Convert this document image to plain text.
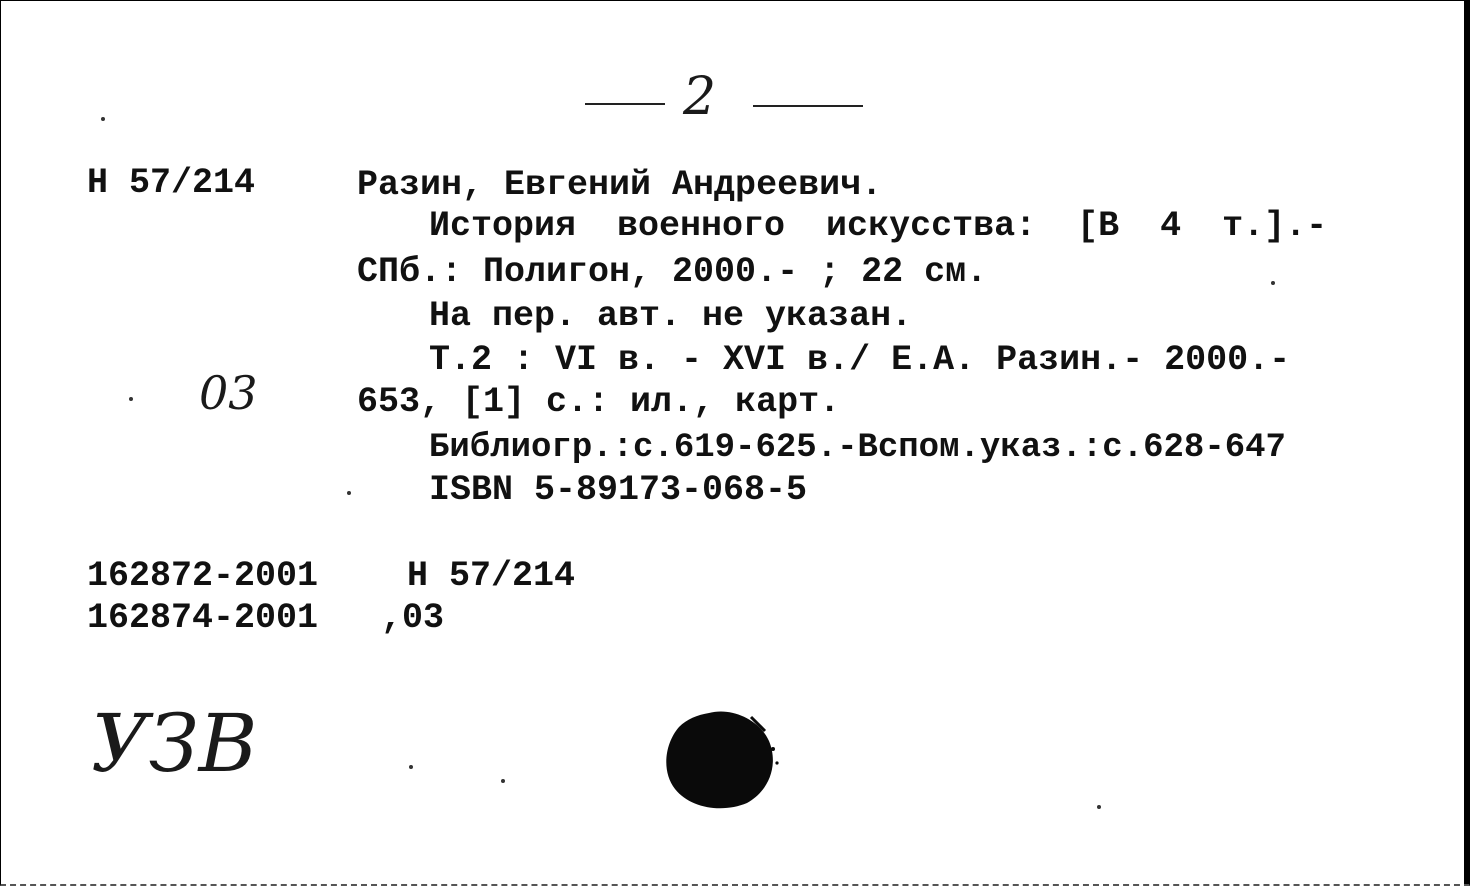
2
Н 57/214	Разин, Евгений Андреевич.
История военного искусства: [В 4 т.].-
СПб.: Полигон, 2000.- ; 22 см.
На пер. авт. не указан.
Т.2 : VI в. - XVI в./ Е.А. Разин.- 2000.-
653, [1] с.: ил., карт.
Библиогр.:с.619-625.-Вспом.указ.:с.628-647
ISBN 5-89173-068-5
03
162872-2001	Н 57/214
162874-2001 ,03
УЗВ
